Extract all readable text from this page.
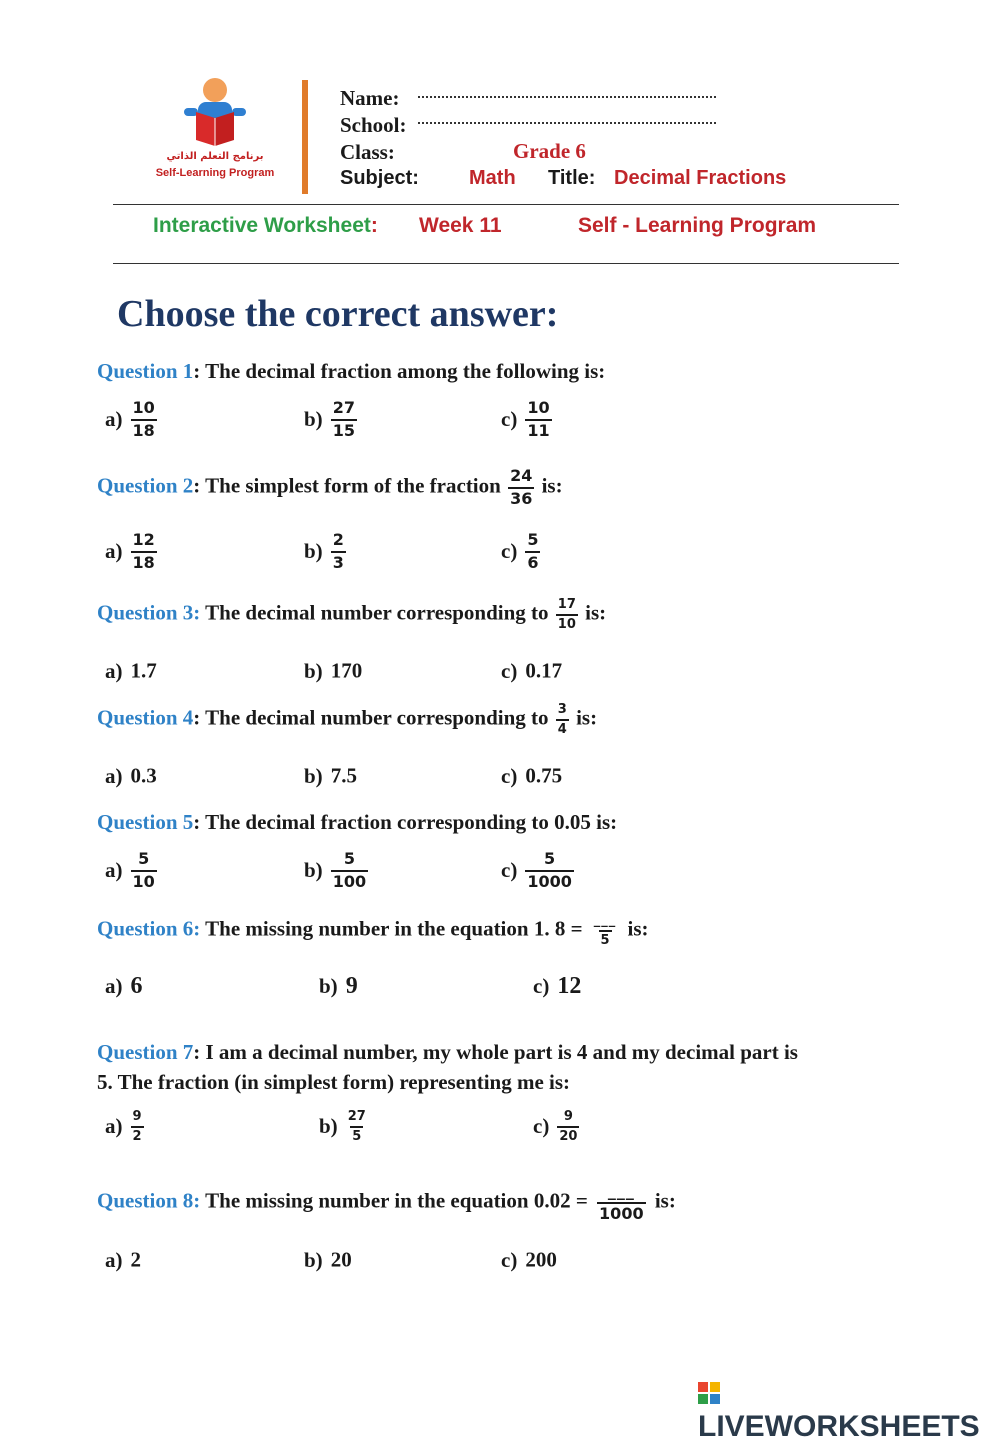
برنامج التعلم الذاتي
Self-Learning Program
Name:
School:
Class:	Grade 6
Subject:	Math Title: Decimal Fractions
Interactive Worksheet: Week 11	Self - Learning Program
Choose the correct answer:
Question 1: The decimal fraction among the following is:
$a) \frac{10}{18}$	$b) \frac{27}{15}$	$c) \frac{10}{11}$
Question 2: The simplest form of the fraction $\frac{24}{36}$ is:
$a) \frac{12}{18}$	$b) \frac{2}{3}$	$c) \frac{5}{6}$
Question 3: The decimal number corresponding to $\frac{17}{10}$ is:
a) 1.7	b) 170	c) 0.17
Question 4: The decimal number corresponding to $\frac{3}{4}$ is:
a) 0.3	b) 7.5	c) 0.75
Question 5: The decimal fraction corresponding to 0.05 is:
$a) \frac{5}{10}$	$b) \frac{5}{100}$	$c) \frac{5}{1000}$
Question 6: The missing number in the equation 1. $8 = \frac{\_\_\_}{5}$ is:
a) 6	b) 9	c) 12
Question 7: I am a decimal number, my whole part is 4 and my decimal part is
5. The fraction (in simplest form) representing me is:
$a) \frac{9}{2}$	$b) \frac{27}{5}$	$c) \frac{9}{20}$
Question 8: The missing number in the equation $0.02 = \frac{\_\_\_}{1000}$ is:
a) 2	b) 20	c) 200
LIVEWORKSHEETS
